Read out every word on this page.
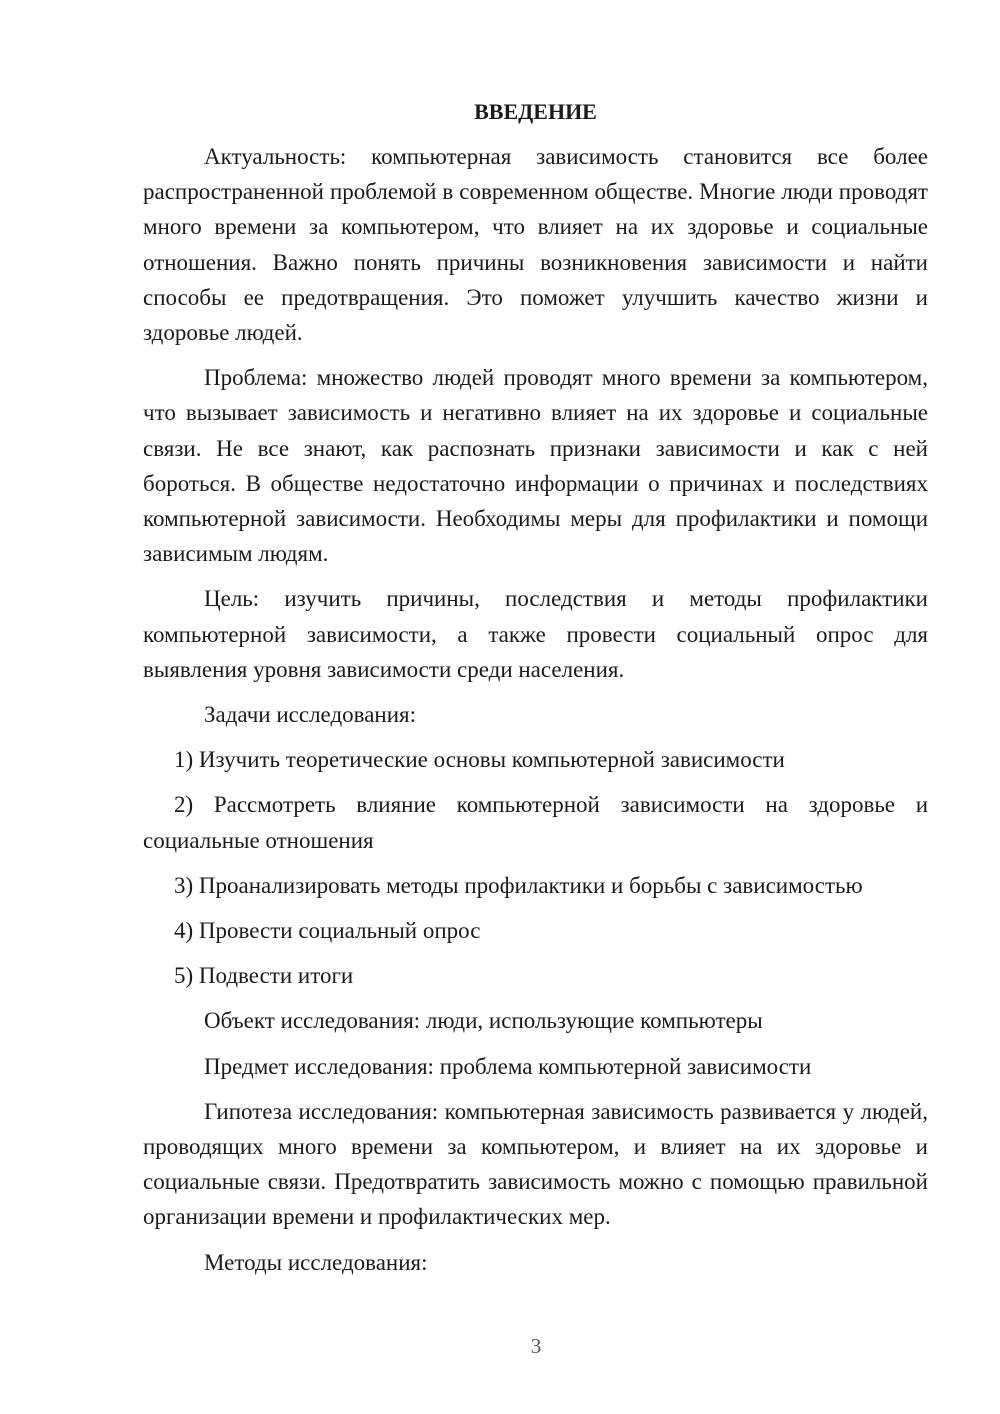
ВВЕДЕНИЕ

Актуальность: компьютерная зависимость становится все более распространенной проблемой в современном обществе. Многие люди проводят много времени за компьютером, что влияет на их здоровье и социальные отношения. Важно понять причины возникновения зависимости и найти способы ее предотвращения. Это поможет улучшить качество жизни и здоровье людей.

Проблема: множество людей проводят много времени за компьютером, что вызывает зависимость и негативно влияет на их здоровье и социальные связи. Не все знают, как распознать признаки зависимости и как с ней бороться. В обществе недостаточно информации о причинах и последствиях компьютерной зависимости. Необходимы меры для профилактики и помощи зависимым людям.

Цель: изучить причины, последствия и методы профилактики компьютерной зависимости, а также провести социальный опрос для выявления уровня зависимости среди населения.

Задачи исследования:

1) Изучить теоретические основы компьютерной зависимости

2) Рассмотреть влияние компьютерной зависимости на здоровье и социальные отношения

3) Проанализировать методы профилактики и борьбы с зависимостью

4) Провести социальный опрос

5) Подвести итоги

Объект исследования: люди, использующие компьютеры

Предмет исследования: проблема компьютерной зависимости

Гипотеза исследования: компьютерная зависимость развивается у людей, проводящих много времени за компьютером, и влияет на их здоровье и социальные связи. Предотвратить зависимость можно с помощью правильной организации времени и профилактических мер.

Методы исследования:

3
